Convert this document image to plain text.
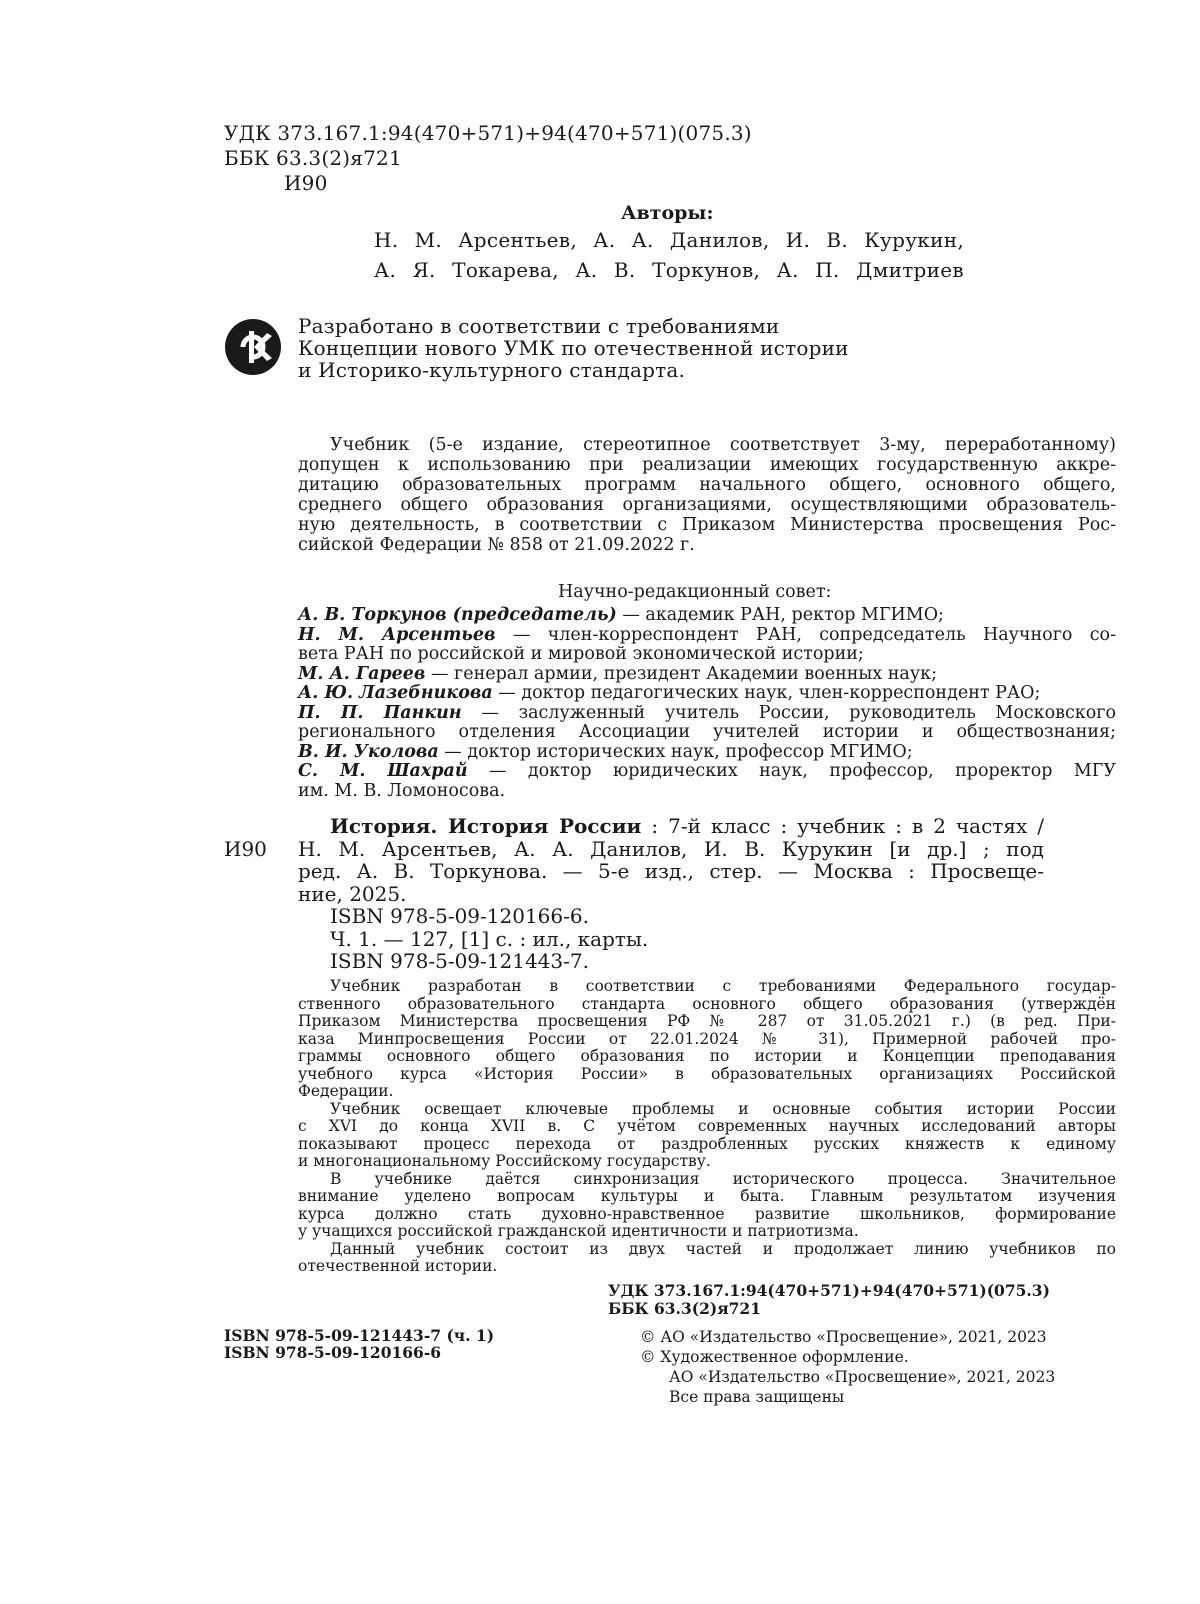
УДК 373.167.1:94(470+571)+94(470+571)(075.3)
ББК 63.3(2)я721
И90
Авторы:
Н. М. Арсентьев, А. А. Данилов, И. В. Курукин,
А. Я. Токарева, А. В. Торкунов, А. П. Дмитриев
Разработано в соответствии с требованиями
Концепции нового УМК по отечественной истории
и Историко-культурного стандарта.
Учебник (5-е издание, стереотипное соответствует 3-му, переработанному)
допущен к использованию при реализации имеющих государственную аккре-
дитацию образовательных программ начального общего, основного общего,
среднего общего образования организациями, осуществляющими образователь-
ную деятельность, в соответствии с Приказом Министерства просвещения Рос-
сийской Федерации № 858 от 21.09.2022 г.
Научно-редакционный совет:
А. В. Торкунов (председатель) — академик РАН, ректор МГИМО;
Н. М. Арсентьев — член-корреспондент РАН, сопредседатель Научного со-
вета РАН по российской и мировой экономической истории;
М. А. Гареев — генерал армии, президент Академии военных наук;
А. Ю. Лазебникова — доктор педагогических наук, член-корреспондент РАО;
П. П. Панкин — заслуженный учитель России, руководитель Московского
регионального отделения Ассоциации учителей истории и обществознания;
В. И. Уколова — доктор исторических наук, профессор МГИМО;
С. М. Шахрай — доктор юридических наук, профессор, проректор МГУ
им. М. В. Ломоносова.
И90
История. История России : 7-й класс : учебник : в 2 частях /
Н. М. Арсентьев, А. А. Данилов, И. В. Курукин [и др.] ; под
ред. А. В. Торкунова. — 5-е изд., стер. — Москва : Просвеще-
ние, 2025.
ISBN 978-5-09-120166-6.
Ч. 1. — 127, [1] с. : ил., карты.
ISBN 978-5-09-121443-7.
Учебник разработан в соответствии с требованиями Федерального государ-
ственного образовательного стандарта основного общего образования (утверждён
Приказом Министерства просвещения РФ № 287 от 31.05.2021 г.) (в ред. При-
каза Минпросвещения России от 22.01.2024 № 31), Примерной рабочей про-
граммы основного общего образования по истории и Концепции преподавания
учебного курса «История России» в образовательных организациях Российской
Федерации.
Учебник освещает ключевые проблемы и основные события истории России
с XVI до конца XVII в. С учётом современных научных исследований авторы
показывают процесс перехода от раздробленных русских княжеств к единому
и многонациональному Российскому государству.
В учебнике даётся синхронизация исторического процесса. Значительное
внимание уделено вопросам культуры и быта. Главным результатом изучения
курса должно стать духовно-нравственное развитие школьников, формирование
у учащихся российской гражданской идентичности и патриотизма.
Данный учебник состоит из двух частей и продолжает линию учебников по
отечественной истории.
УДК 373.167.1:94(470+571)+94(470+571)(075.3)
ББК 63.3(2)я721
ISBN 978-5-09-121443-7 (ч. 1)
ISBN 978-5-09-120166-6
© АО «Издательство «Просвещение», 2021, 2023
© Художественное оформление.
АО «Издательство «Просвещение», 2021, 2023
Все права защищены
